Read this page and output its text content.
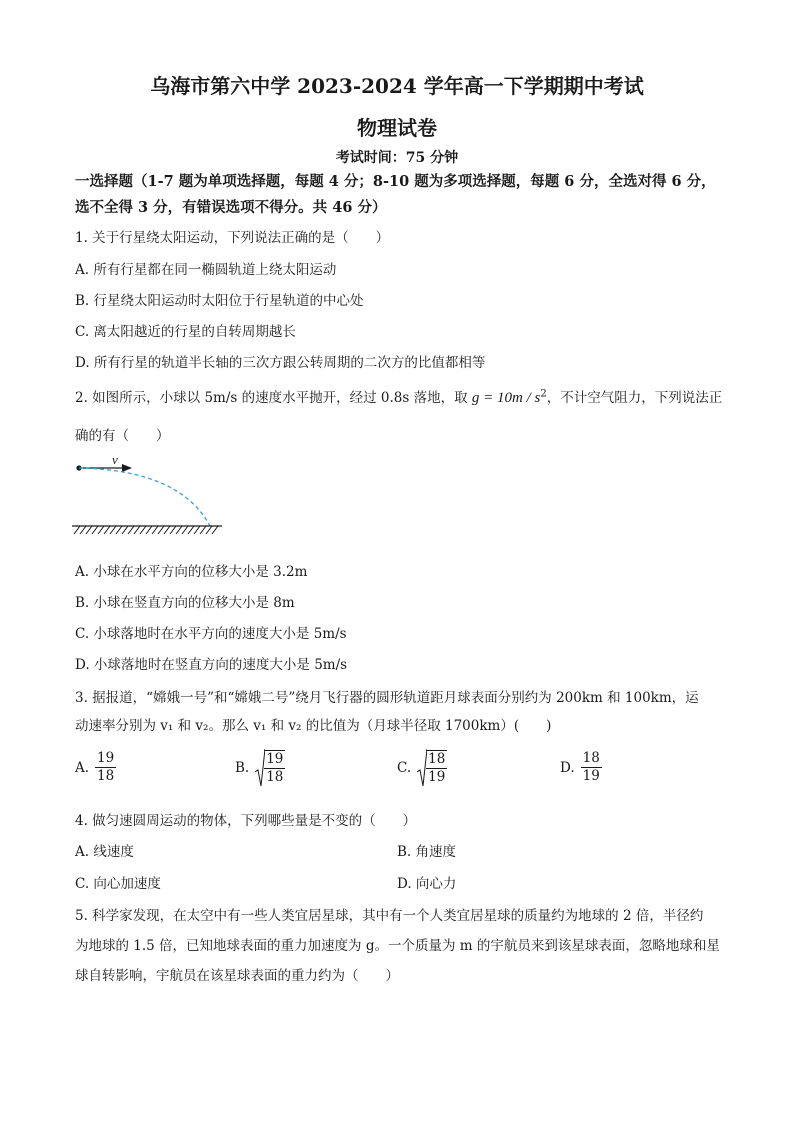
乌海市第六中学 2023-2024 学年高一下学期期中考试
物理试卷
考试时间：75 分钟
一选择题（1-7 题为单项选择题，每题 4 分；8-10 题为多项选择题，每题 6 分，全选对得 6 分，
选不全得 3 分，有错误选项不得分。共 46 分）
1. 关于行星绕太阳运动，下列说法正确的是（　　）
A. 所有行星都在同一椭圆轨道上绕太阳运动
B. 行星绕太阳运动时太阳位于行星轨道的中心处
C. 离太阳越近的行星的自转周期越长
D. 所有行星的轨道半长轴的三次方跟公转周期的二次方的比值都相等
2. 如图所示，小球以 5m/s 的速度水平抛开，经过 0.8s 落地，取 $g = 10m / s^2$，不计空气阻力，下列说法正
确的有（　　）
v
A. 小球在水平方向的位移大小是 3.2m
B. 小球在竖直方向的位移大小是 8m
C. 小球落地时在水平方向的速度大小是 5m/s
D. 小球落地时在竖直方向的速度大小是 5m/s
3. 据报道，“嫦娥一号”和“嫦娥二号”绕月飞行器的圆形轨道距月球表面分别约为 200km 和 100km，运
动速率分别为 v₁ 和 v₂。那么 v₁ 和 v₂ 的比值为（月球半径取 1700km）(　　)
A. $\frac{19}{18}$	B. $\frac{19}{18}$	C. $\frac{18}{19}$	D. $\frac{18}{19}$
4. 做匀速圆周运动的物体，下列哪些量是不变的（　　）
A. 线速度	B. 角速度
C. 向心加速度	D. 向心力
5. 科学家发现，在太空中有一些人类宜居星球，其中有一个人类宜居星球的质量约为地球的 2 倍，半径约
为地球的 1.5 倍，已知地球表面的重力加速度为 g。一个质量为 m 的宇航员来到该星球表面，忽略地球和星
球自转影响，宇航员在该星球表面的重力约为（　　）
